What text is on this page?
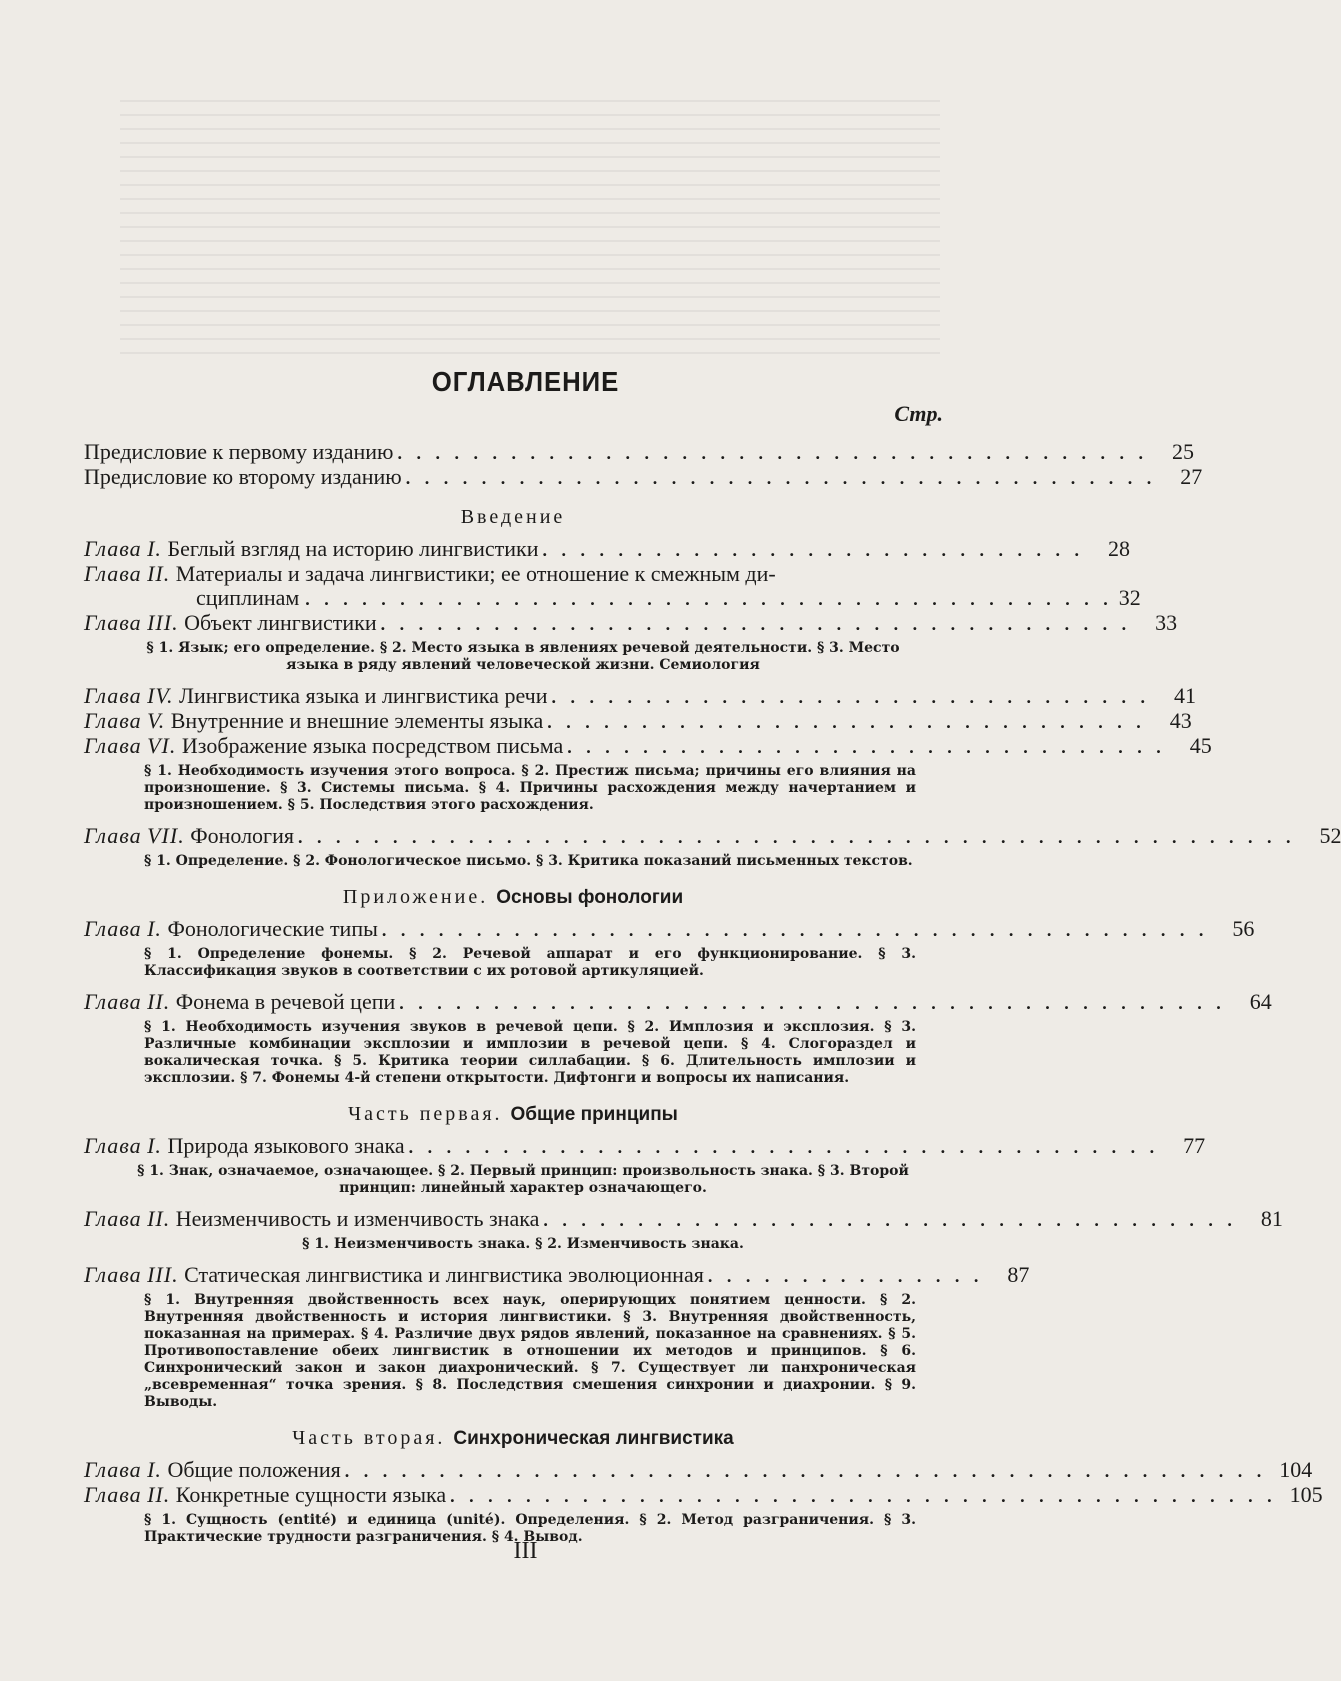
ОГЛАВЛЕНИЕ
Стр.
Предисловие к первому изданию . . . . . . . . . . . . . . . . . . . . . . . . . . . . . . . . . . . . . . . .	25
Предисловие ко второму изданию . . . . . . . . . . . . . . . . . . . . . . . . . . . . . . . . . . . . . . . .	27
Введение
Глава I. Беглый взгляд на историю лингвистики . . . . . . . . . . . . . . . . . . . . . . . . . . . . .	28
Глава II. Материалы и задача лингвистики; ее отношение к смежным ди-
сциплинам . . . . . . . . . . . . . . . . . . . . . . . . . . . . . . . . . . . . . . . . . . . 32
Глава III. Объект лингвистики . . . . . . . . . . . . . . . . . . . . . . . . . . . . . . . . . . . . . . . .	33
§ 1. Язык; его определение. § 2. Место языка в явлениях речевой деятельности. § 3. Место языка в ряду явлений человеческой жизни. Семиология
Глава IV. Лингвистика языка и лингвистика речи . . . . . . . . . . . . . . . . . . . . . . . . . . . . . . . .	41
Глава V. Внутренние и внешние элементы языка . . . . . . . . . . . . . . . . . . . . . . . . . . . . . . . .	43
Глава VI. Изображение языка посредством письма . . . . . . . . . . . . . . . . . . . . . . . . . . . . . . . .	45
§ 1. Необходимость изучения этого вопроса. § 2. Престиж письма; причины его влияния на произношение. § 3. Системы письма. § 4. Причины расхождения между начертанием и произношением. § 5. Последствия этого расхождения.
Глава VII. Фонология . . . . . . . . . . . . . . . . . . . . . . . . . . . . . . . . . . . . . . . . . . . . . . . . . . . . .	52
§ 1. Определение. § 2. Фонологическое письмо. § 3. Критика показаний письменных текстов.
Приложение. Основы фонологии
Глава I. Фонологические типы . . . . . . . . . . . . . . . . . . . . . . . . . . . . . . . . . . . . . . . . . . . .	56
§ 1. Определение фонемы. § 2. Речевой аппарат и его функционирование. § 3. Классификация звуков в соответствии с их ротовой артикуляцией.
Глава II. Фонема в речевой цепи . . . . . . . . . . . . . . . . . . . . . . . . . . . . . . . . . . . . . . . . . . . .	64
§ 1. Необходимость изучения звуков в речевой цепи. § 2. Имплозия и эксплозия. § 3. Различные комбинации эксплозии и имплозии в речевой цепи. § 4. Слогораздел и вокалическая точка. § 5. Критика теории силлабации. § 6. Длительность имплозии и эксплозии. § 7. Фонемы 4-й степени открытости. Дифтонги и вопросы их написания.
Часть первая. Общие принципы
Глава I. Природа языкового знака . . . . . . . . . . . . . . . . . . . . . . . . . . . . . . . . . . . . . . . .	77
§ 1. Знак, означаемое, означающее. § 2. Первый принцип: произвольность знака. § 3. Второй принцип: линейный характер означающего.
Глава II. Неизменчивость и изменчивость знака . . . . . . . . . . . . . . . . . . . . . . . . . . . . . . . . . . . . .	81
§ 1. Неизменчивость знака. § 2. Изменчивость знака.
Глава III. Статическая лингвистика и лингвистика эволюционная . . . . . . . . . . . . . . .	87
§ 1. Внутренняя двойственность всех наук, оперирующих понятием ценности. § 2. Внутренняя двойственность и история лингвистики. § 3. Внутренняя двойственность, показанная на примерах. § 4. Различие двух рядов явлений, показанное на сравнениях. § 5. Противопоставление обеих лингвистик в отношении их методов и принципов. § 6. Синхронический закон и закон диахронический. § 7. Существует ли панхроническая „всевременная“ точка зрения. § 8. Последствия смешения синхронии и диахронии. § 9. Выводы.
Часть вторая. Синхроническая лингвистика
Глава I. Общие положения . . . . . . . . . . . . . . . . . . . . . . . . . . . . . . . . . . . . . . . . . . . . . . . . . 104
Глава II. Конкретные сущности языка . . . . . . . . . . . . . . . . . . . . . . . . . . . . . . . . . . . . . . . . . . . . 105
§ 1. Сущность (entité) и единица (unité). Определения. § 2. Метод разграничения. § 3. Практические трудности разграничения. § 4. Вывод.
III
